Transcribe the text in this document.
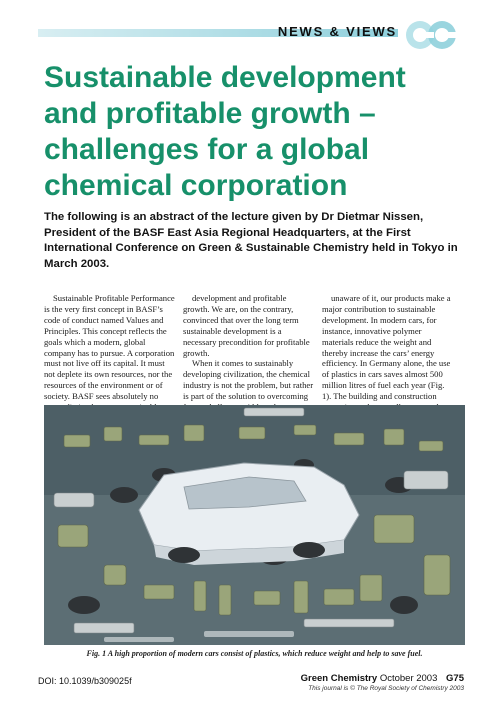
NEWS & VIEWS
Sustainable development and profitable growth – challenges for a global chemical corporation

The following is an abstract of the lecture given by Dr Dietmar Nissen, President of the BASF East Asia Regional Headquarters, at the First International Conference on Green & Sustainable Chemistry held in Tokyo in March 2003.

Sustainable Profitable Performance is the very first concept in BASF’s code of conduct named Values and Principles. This concept reflects the goals which a modern, global company has to pursue. A corporation must not live off its capital. It must not deplete its own resources, nor the resources of the environment or of society. BASF sees absolutely no

development and profitable growth. We are, on the contrary, convinced that over the long term sustainable development is a necessary precondition for profitable growth.

When it comes to sustainably developing civilization, the chemical industry is not the problem, but rather is part of the solution to overcoming

unaware of it, our products make a major contribution to sustainable development. In modern cars, for instance, innovative polymer materials reduce the weight and thereby increase the cars’ energy efficiency. In Germany alone, the use of plastics in cars saves almost 500 million litres of fuel each year (Fig. 1). The building and construction

Fig. 1 A high proportion of modern cars consist of plastics, which reduce weight and help to save fuel.
DOI: 10.1039/b309025f	Green Chemistry October 2003 G75
This journal is © The Royal Society of Chemistry 2003
